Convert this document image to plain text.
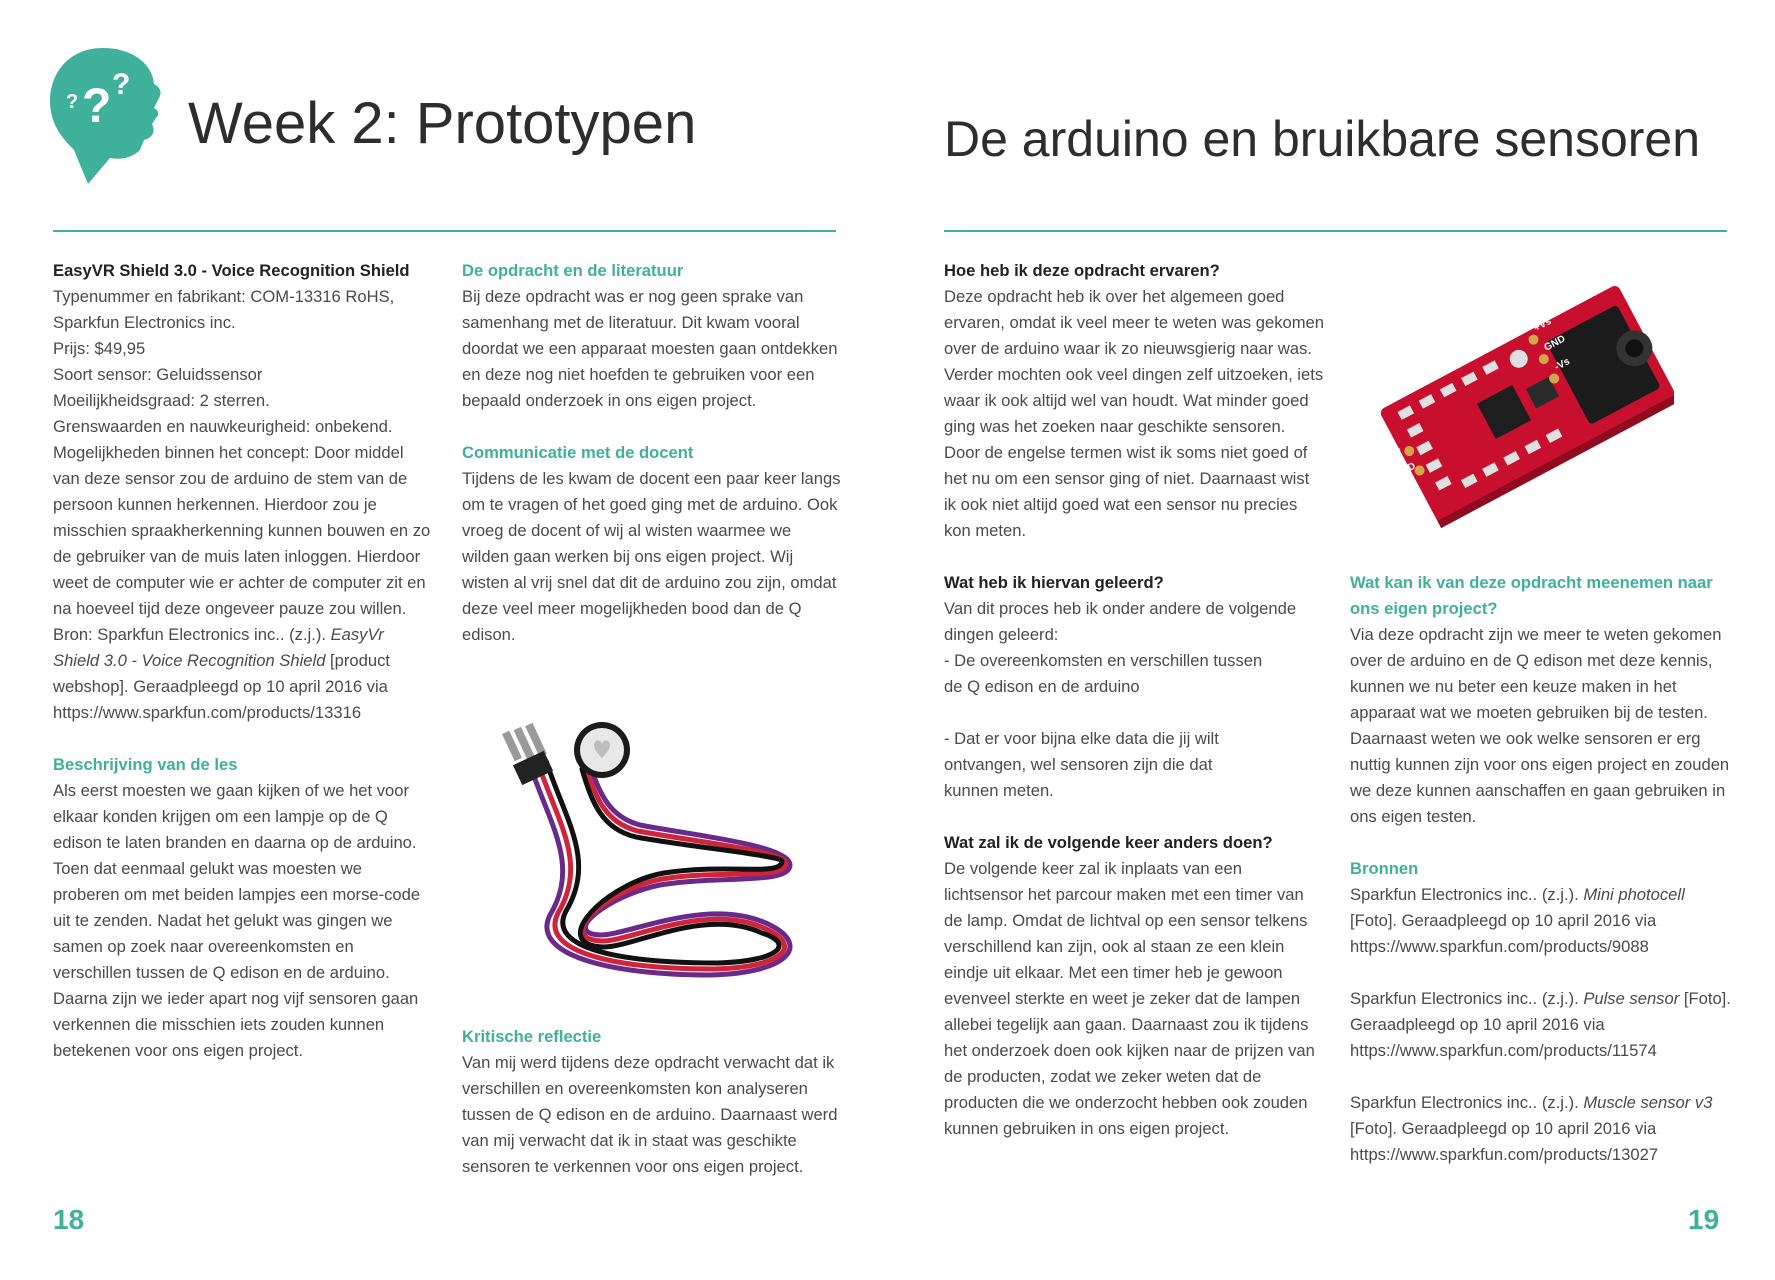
? ? ?
Week 2: Prototypen

EasyVR Shield 3.0 - Voice Recognition Shield

Typenummer en fabrikant: COM-13316 RoHS, Sparkfun Electronics inc.
Prijs: $49,95
Soort sensor: Geluidssensor
Moeilijkheidsgraad: 2 sterren.
Grenswaarden en nauwkeurigheid: onbekend.
Mogelijkheden binnen het concept: Door middel van deze sensor zou de arduino de stem van de persoon kunnen herkennen. Hierdoor zou je misschien spraakherkenning kunnen bouwen en zo de gebruiker van de muis laten inloggen. Hierdoor weet de computer wie er achter de computer zit en na hoeveel tijd deze ongeveer pauze zou willen.

Bron: Sparkfun Electronics inc.. (z.j.). EasyVr Shield 3.0 - Voice Recognition Shield [product webshop]. Geraadpleegd op 10 april 2016 via https://www.sparkfun.com/products/13316

Beschrijving van de les

Als eerst moesten we gaan kijken of we het voor elkaar konden krijgen om een lampje op de Q edison te laten branden en daarna op de arduino. Toen dat eenmaal gelukt was moesten we proberen om met beiden lampjes een morse-code uit te zenden. Nadat het gelukt was gingen we samen op zoek naar overeenkomsten en verschillen tussen de Q edison en de arduino. Daarna zijn we ieder apart nog vijf sensoren gaan verkennen die misschien iets zouden kunnen betekenen voor ons eigen project.

De opdracht en de literatuur

Bij deze opdracht was er nog geen sprake van samenhang met de literatuur. Dit kwam vooral doordat we een apparaat moesten gaan ontdekken en deze nog niet hoefden te gebruiken voor een bepaald onderzoek in ons eigen project.

Communicatie met de docent

Tijdens de les kwam de docent een paar keer langs om te vragen of het goed ging met de arduino. Ook vroeg de docent of wij al wisten waarmee we wilden gaan werken bij ons eigen project. Wij wisten al vrij snel dat dit de arduino zou zijn, omdat deze veel meer mogelijkheden bood dan de Q edison.

Kritische reflectie

Van mij werd tijdens deze opdracht verwacht dat ik verschillen en overeenkomsten kon analyseren tussen de Q edison en de arduino. Daarnaast werd van mij verwacht dat ik in staat was geschikte sensoren te verkennen voor ons eigen project.

18
De arduino en bruikbare sensoren

Hoe heb ik deze opdracht ervaren?

Deze opdracht heb ik over het algemeen goed ervaren, omdat ik veel meer te weten was gekomen over de arduino waar ik zo nieuwsgierig naar was. Verder mochten ook veel dingen zelf uitzoeken, iets waar ik ook altijd wel van houdt. Wat minder goed ging was het zoeken naar geschikte sensoren. Door de engelse termen wist ik soms niet goed of het nu om een sensor ging of niet. Daarnaast wist ik ook niet altijd goed wat een sensor nu precies kon meten.

Wat heb ik hiervan geleerd?

Van dit proces heb ik onder andere de volgende dingen geleerd:

- De overeenkomsten en verschillen tussen
de Q edison en de arduino

- Dat er voor bijna elke data die jij wilt
ontvangen, wel sensoren zijn die dat
kunnen meten.

Wat zal ik de volgende keer anders doen?

De volgende keer zal ik inplaats van een lichtsensor het parcour maken met een timer van de lamp. Omdat de lichtval op een sensor telkens verschillend kan zijn, ook al staan ze een klein eindje uit elkaar. Met een timer heb je gewoon evenveel sterkte en weet je zeker dat de lampen allebei tegelijk aan gaan. Daarnaast zou ik tijdens het onderzoek doen ook kijken naar de prijzen van de producten, zodat we zeker weten dat de producten die we onderzocht hebben ook zouden kunnen gebruiken in ons eigen project.

+Vs
GND
-Vs
SIG
GND

Wat kan ik van deze opdracht meenemen naar ons eigen project?

Via deze opdracht zijn we meer te weten gekomen over de arduino en de Q edison met deze kennis, kunnen we nu beter een keuze maken in het apparaat wat we moeten gebruiken bij de testen. Daarnaast weten we ook welke sensoren er erg nuttig kunnen zijn voor ons eigen project en zouden we deze kunnen aanschaffen en gaan gebruiken in ons eigen testen.

Bronnen

Sparkfun Electronics inc.. (z.j.). Mini photocell [Foto]. Geraadpleegd op 10 april 2016 via https://www.sparkfun.com/products/9088

Sparkfun Electronics inc.. (z.j.). Pulse sensor [Foto]. Geraadpleegd op 10 april 2016 via https://www.sparkfun.com/products/11574

Sparkfun Electronics inc.. (z.j.). Muscle sensor v3 [Foto]. Geraadpleegd op 10 april 2016 via https://www.sparkfun.com/products/13027

19
